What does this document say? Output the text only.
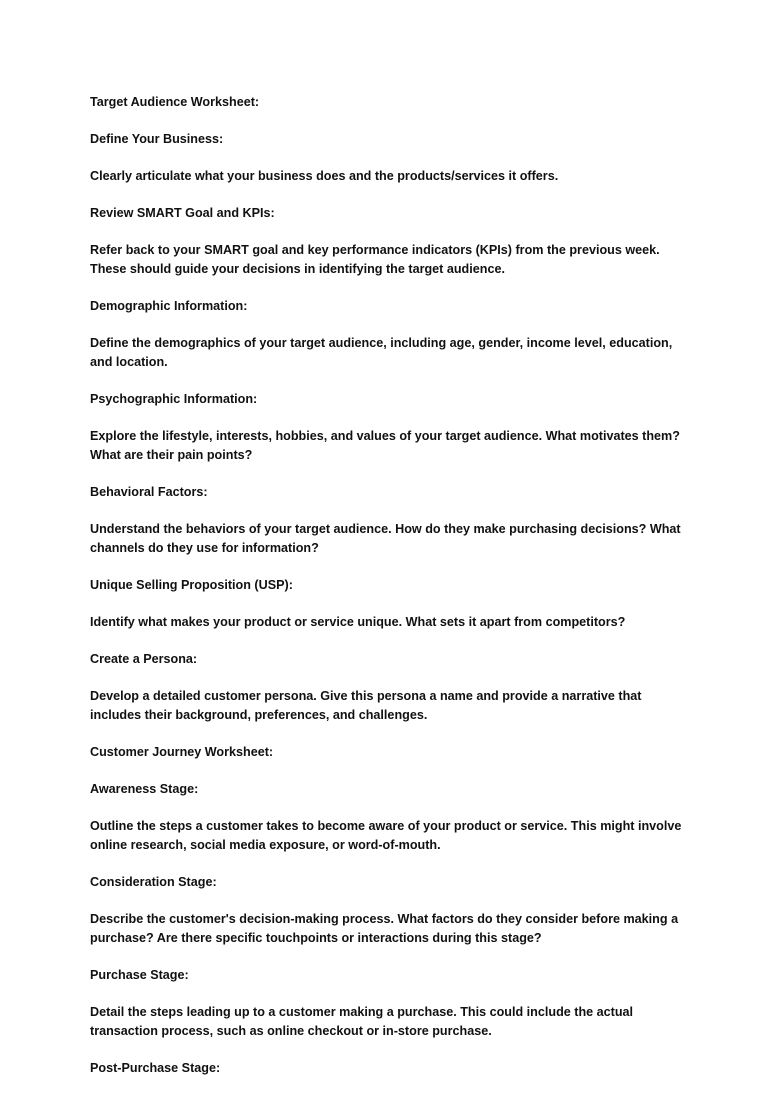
Target Audience Worksheet:

Define Your Business:

Clearly articulate what your business does and the products/services it offers.

Review SMART Goal and KPIs:

Refer back to your SMART goal and key performance indicators (KPIs) from the previous week. These should guide your decisions in identifying the target audience.

Demographic Information:

Define the demographics of your target audience, including age, gender, income level, education, and location.

Psychographic Information:

Explore the lifestyle, interests, hobbies, and values of your target audience. What motivates them? What are their pain points?

Behavioral Factors:

Understand the behaviors of your target audience. How do they make purchasing decisions? What channels do they use for information?

Unique Selling Proposition (USP):

Identify what makes your product or service unique. What sets it apart from competitors?

Create a Persona:

Develop a detailed customer persona. Give this persona a name and provide a narrative that includes their background, preferences, and challenges.

Customer Journey Worksheet:

Awareness Stage:

Outline the steps a customer takes to become aware of your product or service. This might involve online research, social media exposure, or word-of-mouth.

Consideration Stage:

Describe the customer's decision-making process. What factors do they consider before making a purchase? Are there specific touchpoints or interactions during this stage?

Purchase Stage:

Detail the steps leading up to a customer making a purchase. This could include the actual transaction process, such as online checkout or in-store purchase.

Post-Purchase Stage:
